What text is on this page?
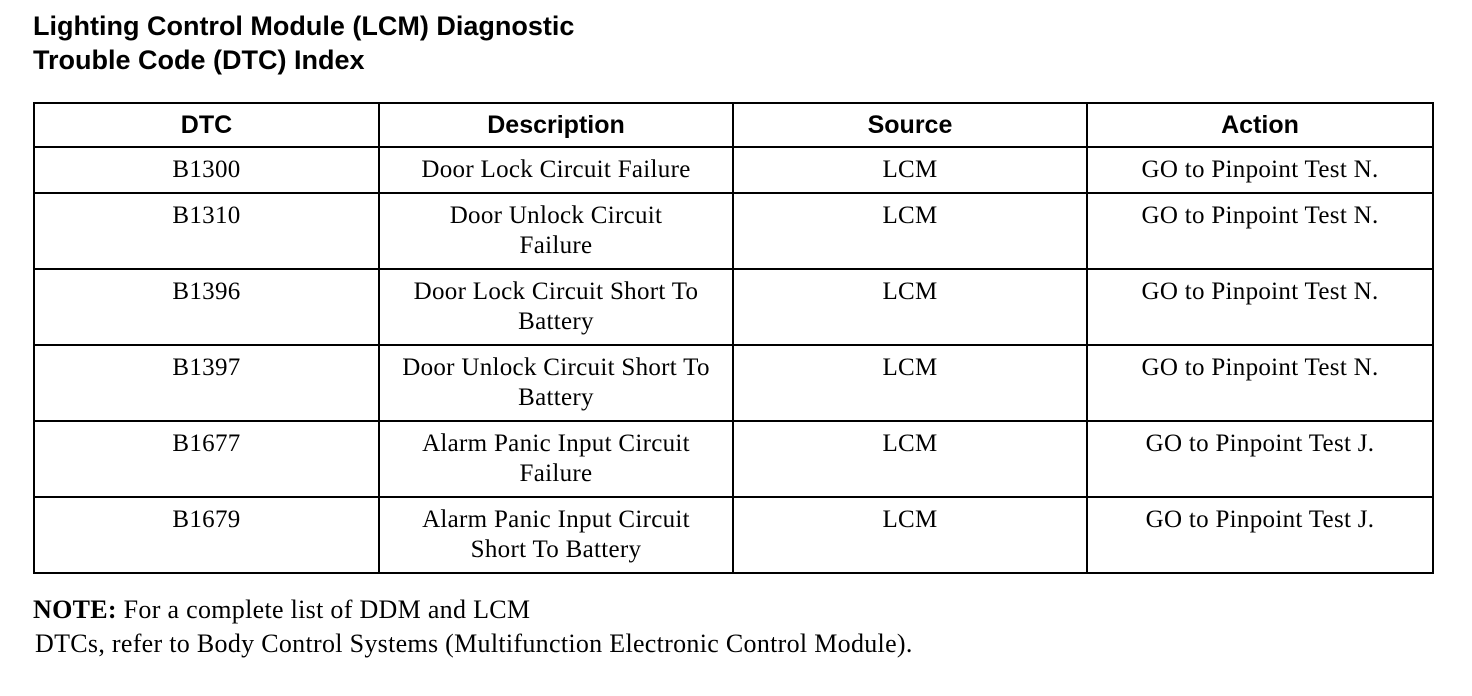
Lighting Control Module (LCM) Diagnostic
Trouble Code (DTC) Index
DTC	Description	Source	Action
B1300	Door Lock Circuit Failure	LCM	GO to Pinpoint Test N.
B1310	Door Unlock Circuit Failure	LCM	GO to Pinpoint Test N.
B1396	Door Lock Circuit Short To Battery	LCM	GO to Pinpoint Test N.
B1397	Door Unlock Circuit Short To Battery	LCM	GO to Pinpoint Test N.
B1677	Alarm Panic Input Circuit Failure	LCM	GO to Pinpoint Test J.
B1679	Alarm Panic Input Circuit Short To Battery	LCM	GO to Pinpoint Test J.

NOTE: For a complete list of DDM and LCM
DTCs, refer to Body Control Systems (Multifunction Electronic Control Module).
